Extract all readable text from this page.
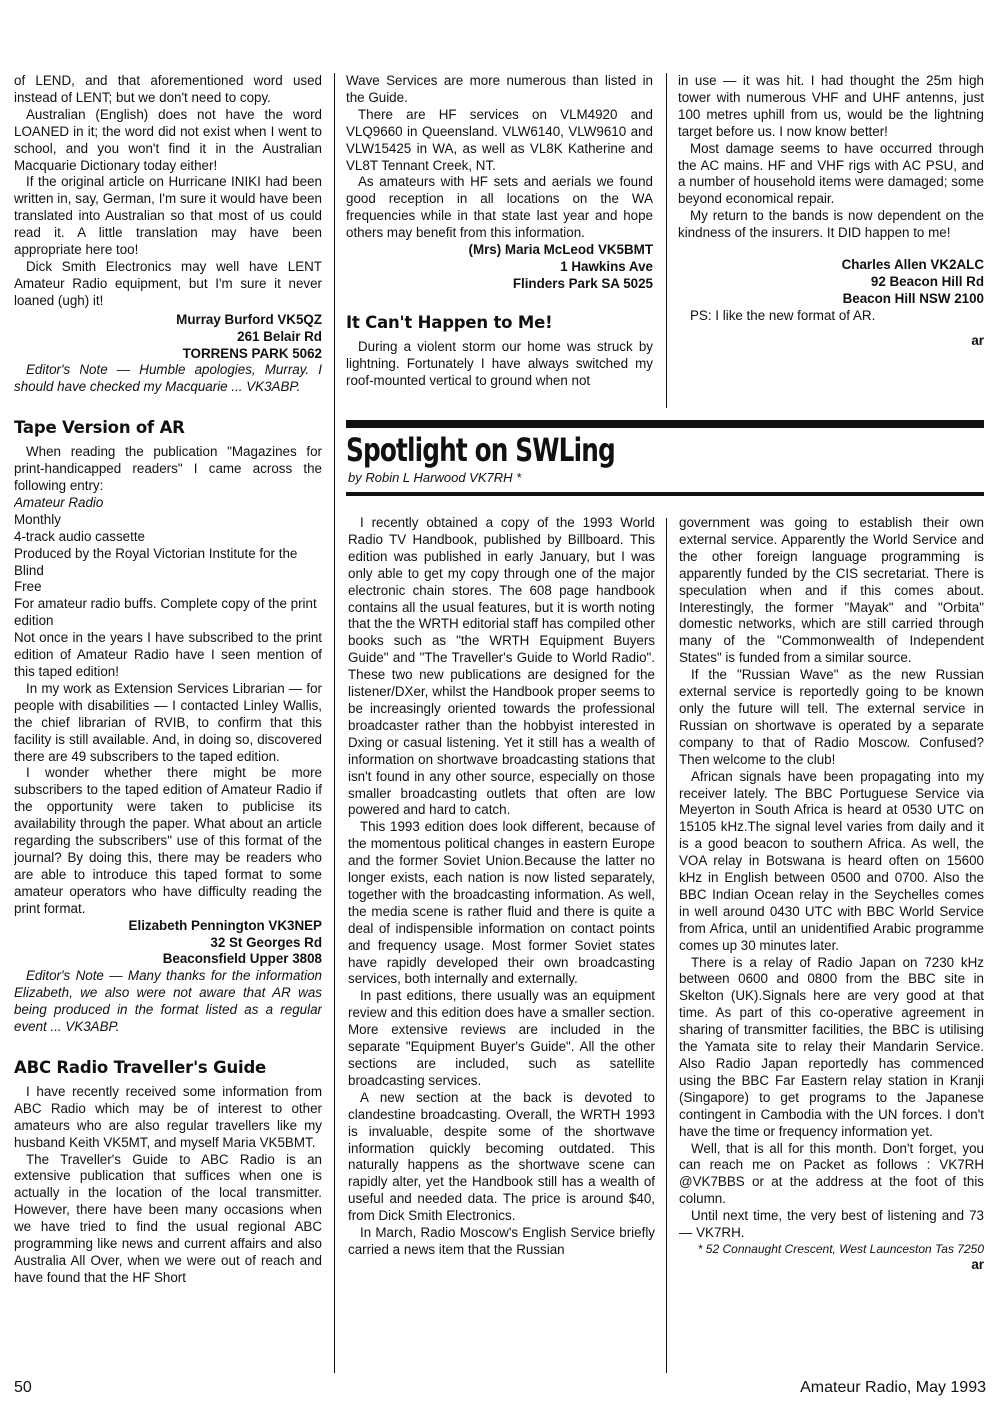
of LEND, and that aforementioned word used instead of LENT; but we don't need to copy.

Australian (English) does not have the word LOANED in it; the word did not exist when I went to school, and you won't find it in the Australian Macquarie Dictionary today either!

If the original article on Hurricane INIKI had been written in, say, German, I'm sure it would have been translated into Australian so that most of us could read it. A little translation may have been appropriate here too!

Dick Smith Electronics may well have LENT Amateur Radio equipment, but I'm sure it never loaned (ugh) it!

Murray Burford VK5QZ
261 Belair Rd
TORRENS PARK 5062

Editor's Note — Humble apologies, Murray. I should have checked my Macquarie ... VK3ABP.

Tape Version of AR

When reading the publication "Magazines for print-handicapped readers" I came across the following entry:

Amateur Radio
Monthly
4-track audio cassette
Produced by the Royal Victorian Institute for the Blind
Free
For amateur radio buffs. Complete copy of the print edition

Not once in the years I have subscribed to the print edition of Amateur Radio have I seen mention of this taped edition!

In my work as Extension Services Librarian — for people with disabilities — I contacted Linley Wallis, the chief librarian of RVIB, to confirm that this facility is still available. And, in doing so, discovered there are 49 subscribers to the taped edition.

I wonder whether there might be more subscribers to the taped edition of Amateur Radio if the opportunity were taken to publicise its availability through the paper. What about an article regarding the subscribers" use of this format of the journal? By doing this, there may be readers who are able to introduce this taped format to some amateur operators who have difficulty reading the print format.

Elizabeth Pennington VK3NEP
32 St Georges Rd
Beaconsfield Upper 3808

Editor's Note — Many thanks for the information Elizabeth, we also were not aware that AR was being produced in the format listed as a regular event ... VK3ABP.

ABC Radio Traveller's Guide

I have recently received some information from ABC Radio which may be of interest to other amateurs who are also regular travellers like my husband Keith VK5MT, and myself Maria VK5BMT.

The Traveller's Guide to ABC Radio is an extensive publication that suffices when one is actually in the location of the local transmitter. However, there have been many occasions when we have tried to find the usual regional ABC programming like news and current affairs and also Australia All Over, when we were out of reach and have found that the HF Short

Wave Services are more numerous than listed in the Guide.

There are HF services on VLM4920 and VLQ9660 in Queensland. VLW6140, VLW9610 and VLW15425 in WA, as well as VL8K Katherine and VL8T Tennant Creek, NT.

As amateurs with HF sets and aerials we found good reception in all locations on the WA frequencies while in that state last year and hope others may benefit from this information.

(Mrs) Maria McLeod VK5BMT
1 Hawkins Ave
Flinders Park SA 5025
It Can't Happen to Me!

During a violent storm our home was struck by lightning. Fortunately I have always switched my roof-mounted vertical to ground when not

in use — it was hit. I had thought the 25m high tower with numerous VHF and UHF antenns, just 100 metres uphill from us, would be the lightning target before us. I now know better!

Most damage seems to have occurred through the AC mains. HF and VHF rigs with AC PSU, and a number of household items were damaged; some beyond economical repair.

My return to the bands is now dependent on the kindness of the insurers. It DID happen to me!

Charles Allen VK2ALC
92 Beacon Hill Rd
Beacon Hill NSW 2100

PS: I like the new format of AR.

ar
Spotlight on SWLing
by Robin L Harwood VK7RH *

I recently obtained a copy of the 1993 World Radio TV Handbook, published by Billboard. This edition was published in early January, but I was only able to get my copy through one of the major electronic chain stores. The 608 page handbook contains all the usual features, but it is worth noting that the the WRTH editorial staff has compiled other books such as "the WRTH Equipment Buyers Guide" and "The Traveller's Guide to World Radio". These two new publications are designed for the listener/DXer, whilst the Handbook proper seems to be increasingly oriented towards the professional broadcaster rather than the hobbyist interested in Dxing or casual listening. Yet it still has a wealth of information on shortwave broadcasting stations that isn't found in any other source, especially on those smaller broadcasting outlets that often are low powered and hard to catch.

This 1993 edition does look different, because of the momentous political changes in eastern Europe and the former Soviet Union.Because the latter no longer exists, each nation is now listed separately, together with the broadcasting information. As well, the media scene is rather fluid and there is quite a deal of indispensible information on contact points and frequency usage. Most former Soviet states have rapidly developed their own broadcasting services, both internally and externally.

In past editions, there usually was an equipment review and this edition does have a smaller section. More extensive reviews are included in the separate "Equipment Buyer's Guide". All the other sections are included, such as satellite broadcasting services.

A new section at the back is devoted to clandestine broadcasting. Overall, the WRTH 1993 is invaluable, despite some of the shortwave information quickly becoming outdated. This naturally happens as the shortwave scene can rapidly alter, yet the Handbook still has a wealth of useful and needed data. The price is around $40, from Dick Smith Electronics.

In March, Radio Moscow's English Service briefly carried a news item that the Russian

government was going to establish their own external service. Apparently the World Service and the other foreign language programming is apparently funded by the CIS secretariat. There is speculation when and if this comes about. Interestingly, the former "Mayak" and "Orbita" domestic networks, which are still carried through many of the "Commonwealth of Independent States" is funded from a similar source.

If the "Russian Wave" as the new Russian external service is reportedly going to be known only the future will tell. The external service in Russian on shortwave is operated by a separate company to that of Radio Moscow. Confused? Then welcome to the club!

African signals have been propagating into my receiver lately. The BBC Portuguese Service via Meyerton in South Africa is heard at 0530 UTC on 15105 kHz.The signal level varies from daily and it is a good beacon to southern Africa. As well, the VOA relay in Botswana is heard often on 15600 kHz in English between 0500 and 0700. Also the BBC Indian Ocean relay in the Seychelles comes in well around 0430 UTC with BBC World Service from Africa, until an unidentified Arabic programme comes up 30 minutes later.

There is a relay of Radio Japan on 7230 kHz between 0600 and 0800 from the BBC site in Skelton (UK).Signals here are very good at that time. As part of this co-operative agreement in sharing of transmitter facilities, the BBC is utilising the Yamata site to relay their Mandarin Service. Also Radio Japan reportedly has commenced using the BBC Far Eastern relay station in Kranji (Singapore) to get programs to the Japanese contingent in Cambodia with the UN forces. I don't have the time or frequency information yet.

Well, that is all for this month. Don't forget, you can reach me on Packet as follows : VK7RH @VK7BBS or at the address at the foot of this column.

Until next time, the very best of listening and 73 — VK7RH.

* 52 Connaught Crescent, West Launceston Tas 7250
ar
50	Amateur Radio, May 1993
